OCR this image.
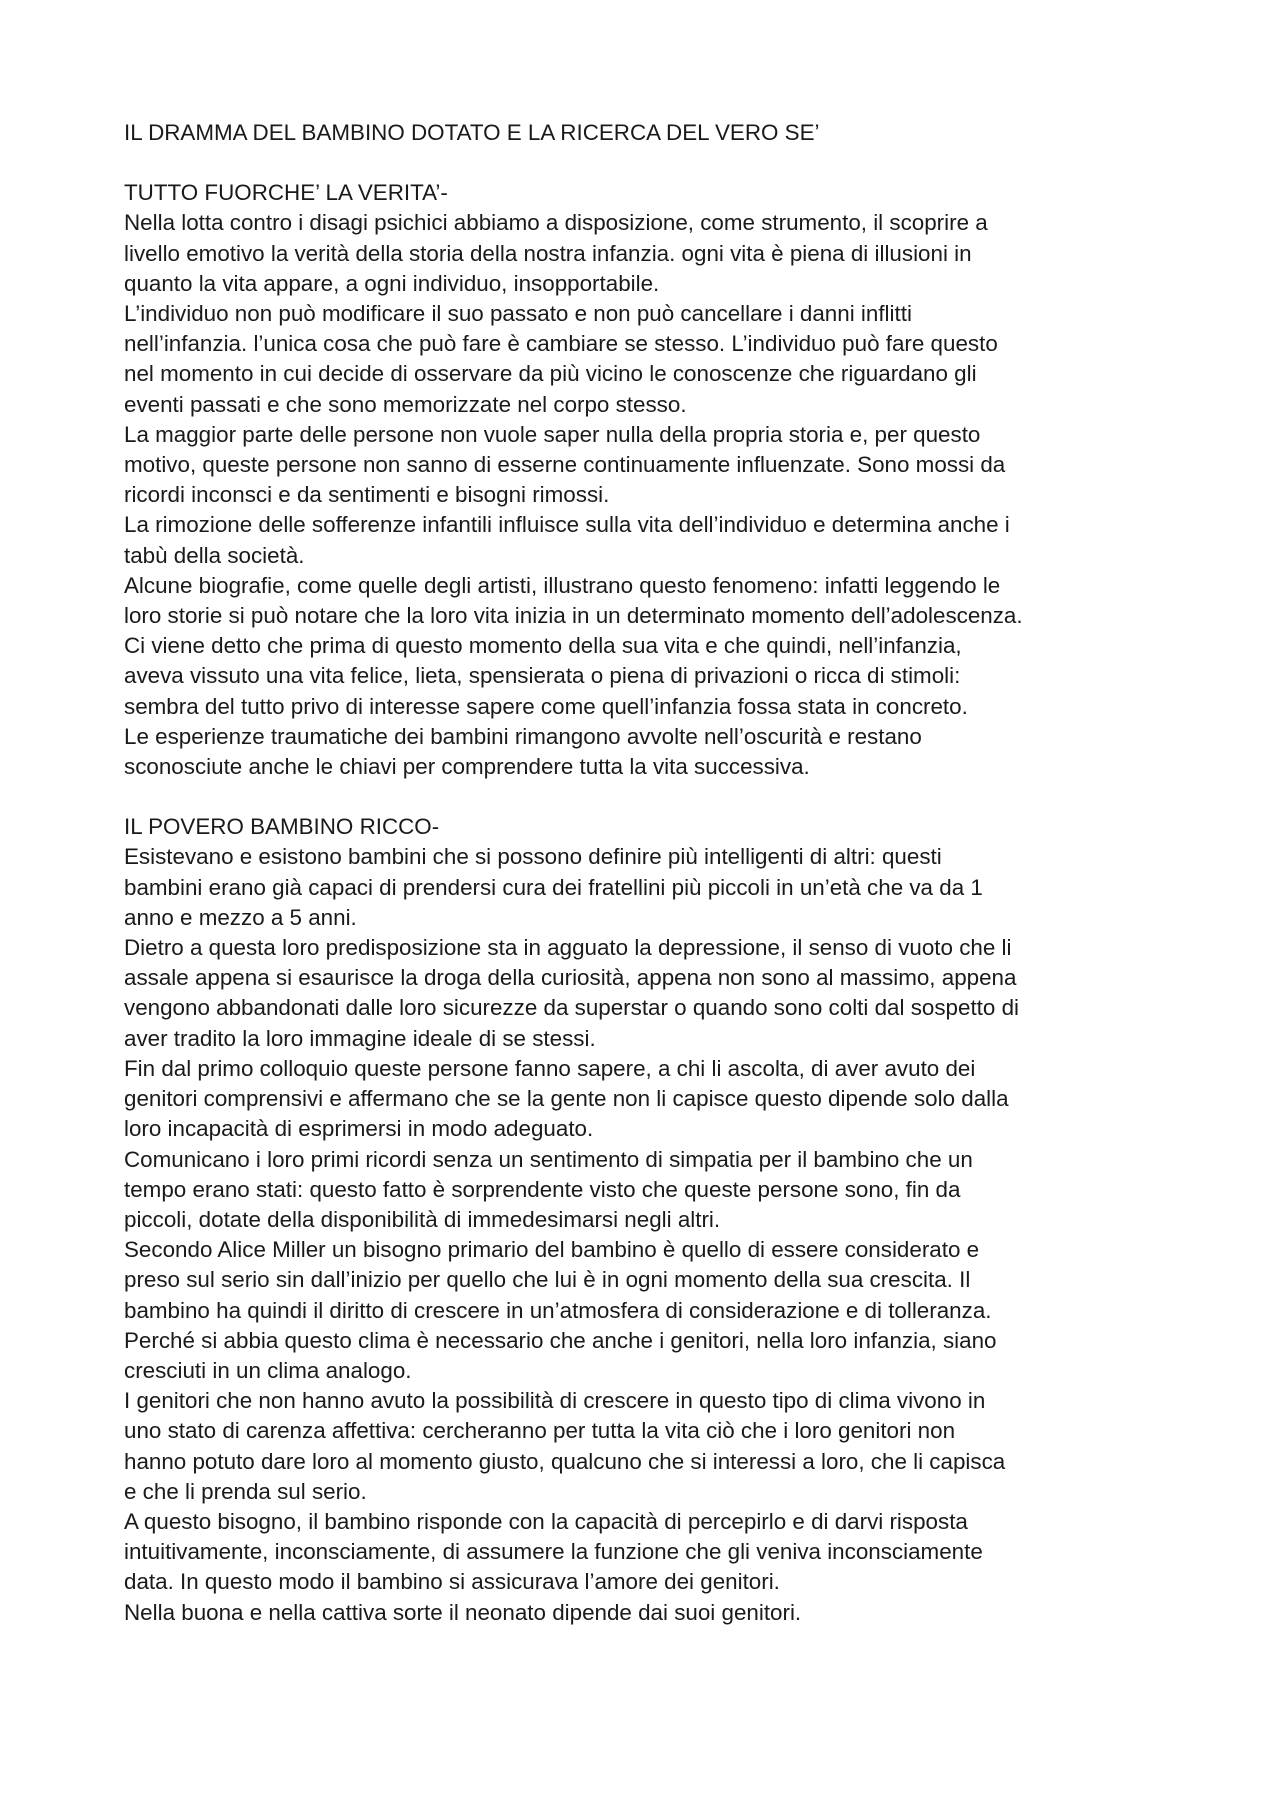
IL DRAMMA DEL BAMBINO DOTATO E LA RICERCA DEL VERO SE’
TUTTO FUORCHE’ LA VERITA’-

Nella lotta contro i disagi psichici abbiamo a disposizione, come strumento, il scoprire a
livello emotivo la verità della storia della nostra infanzia. ogni vita è piena di illusioni in
quanto la vita appare, a ogni individuo, insopportabile.

L’individuo non può modificare il suo passato e non può cancellare i danni inflitti
nell’infanzia. l’unica cosa che può fare è cambiare se stesso. L’individuo può fare questo
nel momento in cui decide di osservare da più vicino le conoscenze che riguardano gli
eventi passati e che sono memorizzate nel corpo stesso.

La maggior parte delle persone non vuole saper nulla della propria storia e, per questo
motivo, queste persone non sanno di esserne continuamente influenzate. Sono mossi da
ricordi inconsci e da sentimenti e bisogni rimossi.

La rimozione delle sofferenze infantili influisce sulla vita dell’individuo e determina anche i
tabù della società.

Alcune biografie, come quelle degli artisti, illustrano questo fenomeno: infatti leggendo le
loro storie si può notare che la loro vita inizia in un determinato momento dell’adolescenza.
Ci viene detto che prima di questo momento della sua vita e che quindi, nell’infanzia,
aveva vissuto una vita felice, lieta, spensierata o piena di privazioni o ricca di stimoli:
sembra del tutto privo di interesse sapere come quell’infanzia fossa stata in concreto.

Le esperienze traumatiche dei bambini rimangono avvolte nell’oscurità e restano
sconosciute anche le chiavi per comprendere tutta la vita successiva.

IL POVERO BAMBINO RICCO-

Esistevano e esistono bambini che si possono definire più intelligenti di altri: questi
bambini erano già capaci di prendersi cura dei fratellini più piccoli in un’età che va da 1
anno e mezzo a 5 anni.

Dietro a questa loro predisposizione sta in agguato la depressione, il senso di vuoto che li
assale appena si esaurisce la droga della curiosità, appena non sono al massimo, appena
vengono abbandonati dalle loro sicurezze da superstar o quando sono colti dal sospetto di
aver tradito la loro immagine ideale di se stessi.

Fin dal primo colloquio queste persone fanno sapere, a chi li ascolta, di aver avuto dei
genitori comprensivi e affermano che se la gente non li capisce questo dipende solo dalla
loro incapacità di esprimersi in modo adeguato.

Comunicano i loro primi ricordi senza un sentimento di simpatia per il bambino che un
tempo erano stati: questo fatto è sorprendente visto che queste persone sono, fin da
piccoli, dotate della disponibilità di immedesimarsi negli altri.

Secondo Alice Miller un bisogno primario del bambino è quello di essere considerato e
preso sul serio sin dall’inizio per quello che lui è in ogni momento della sua crescita. Il
bambino ha quindi il diritto di crescere in un’atmosfera di considerazione e di tolleranza.
Perché si abbia questo clima è necessario che anche i genitori, nella loro infanzia, siano
cresciuti in un clima analogo.

I genitori che non hanno avuto la possibilità di crescere in questo tipo di clima vivono in
uno stato di carenza affettiva: cercheranno per tutta la vita ciò che i loro genitori non
hanno potuto dare loro al momento giusto, qualcuno che si interessi a loro, che li capisca
e che li prenda sul serio.

A questo bisogno, il bambino risponde con la capacità di percepirlo e di darvi risposta
intuitivamente, inconsciamente, di assumere la funzione che gli veniva inconsciamente
data. In questo modo il bambino si assicurava l’amore dei genitori.

Nella buona e nella cattiva sorte il neonato dipende dai suoi genitori.
